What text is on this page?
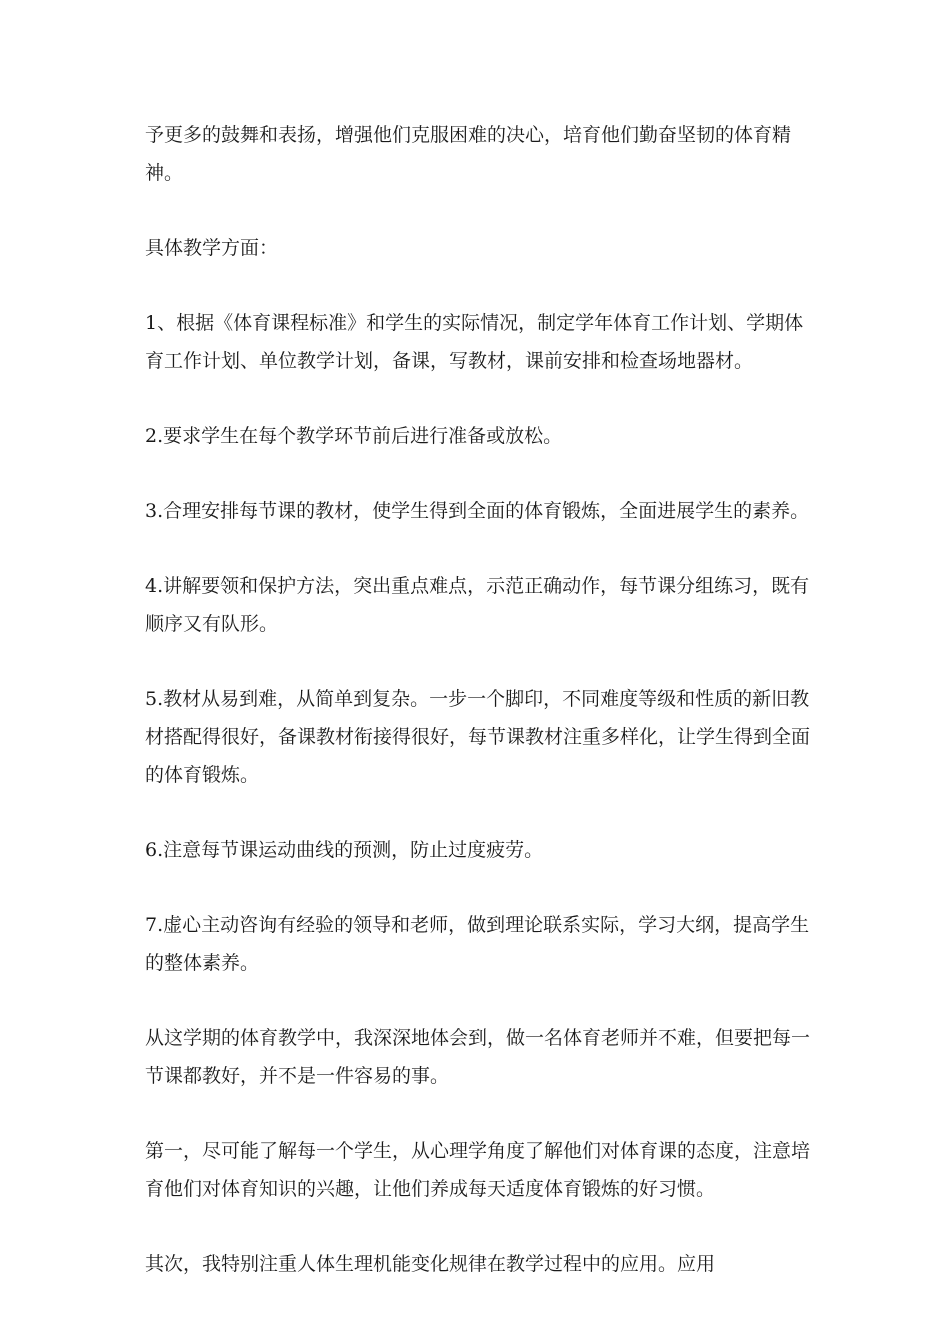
予更多的鼓舞和表扬，增强他们克服困难的决心，培育他们勤奋坚韧的体育精神。

具体教学方面：

1、根据《体育课程标准》和学生的实际情况，制定学年体育工作计划、学期体育工作计划、单位教学计划，备课，写教材，课前安排和检查场地器材。

2.要求学生在每个教学环节前后进行准备或放松。

3.合理安排每节课的教材，使学生得到全面的体育锻炼，全面进展学生的素养。

4.讲解要领和保护方法，突出重点难点，示范正确动作，每节课分组练习，既有顺序又有队形。

5.教材从易到难，从简单到复杂。一步一个脚印，不同难度等级和性质的新旧教材搭配得很好，备课教材衔接得很好，每节课教材注重多样化，让学生得到全面的体育锻炼。

6.注意每节课运动曲线的预测，防止过度疲劳。

7.虚心主动咨询有经验的领导和老师，做到理论联系实际，学习大纲，提高学生的整体素养。

从这学期的体育教学中，我深深地体会到，做一名体育老师并不难，但要把每一节课都教好，并不是一件容易的事。

第一，尽可能了解每一个学生，从心理学角度了解他们对体育课的态度，注意培育他们对体育知识的兴趣，让他们养成每天适度体育锻炼的好习惯。

其次，我特别注重人体生理机能变化规律在教学过程中的应用。应用
